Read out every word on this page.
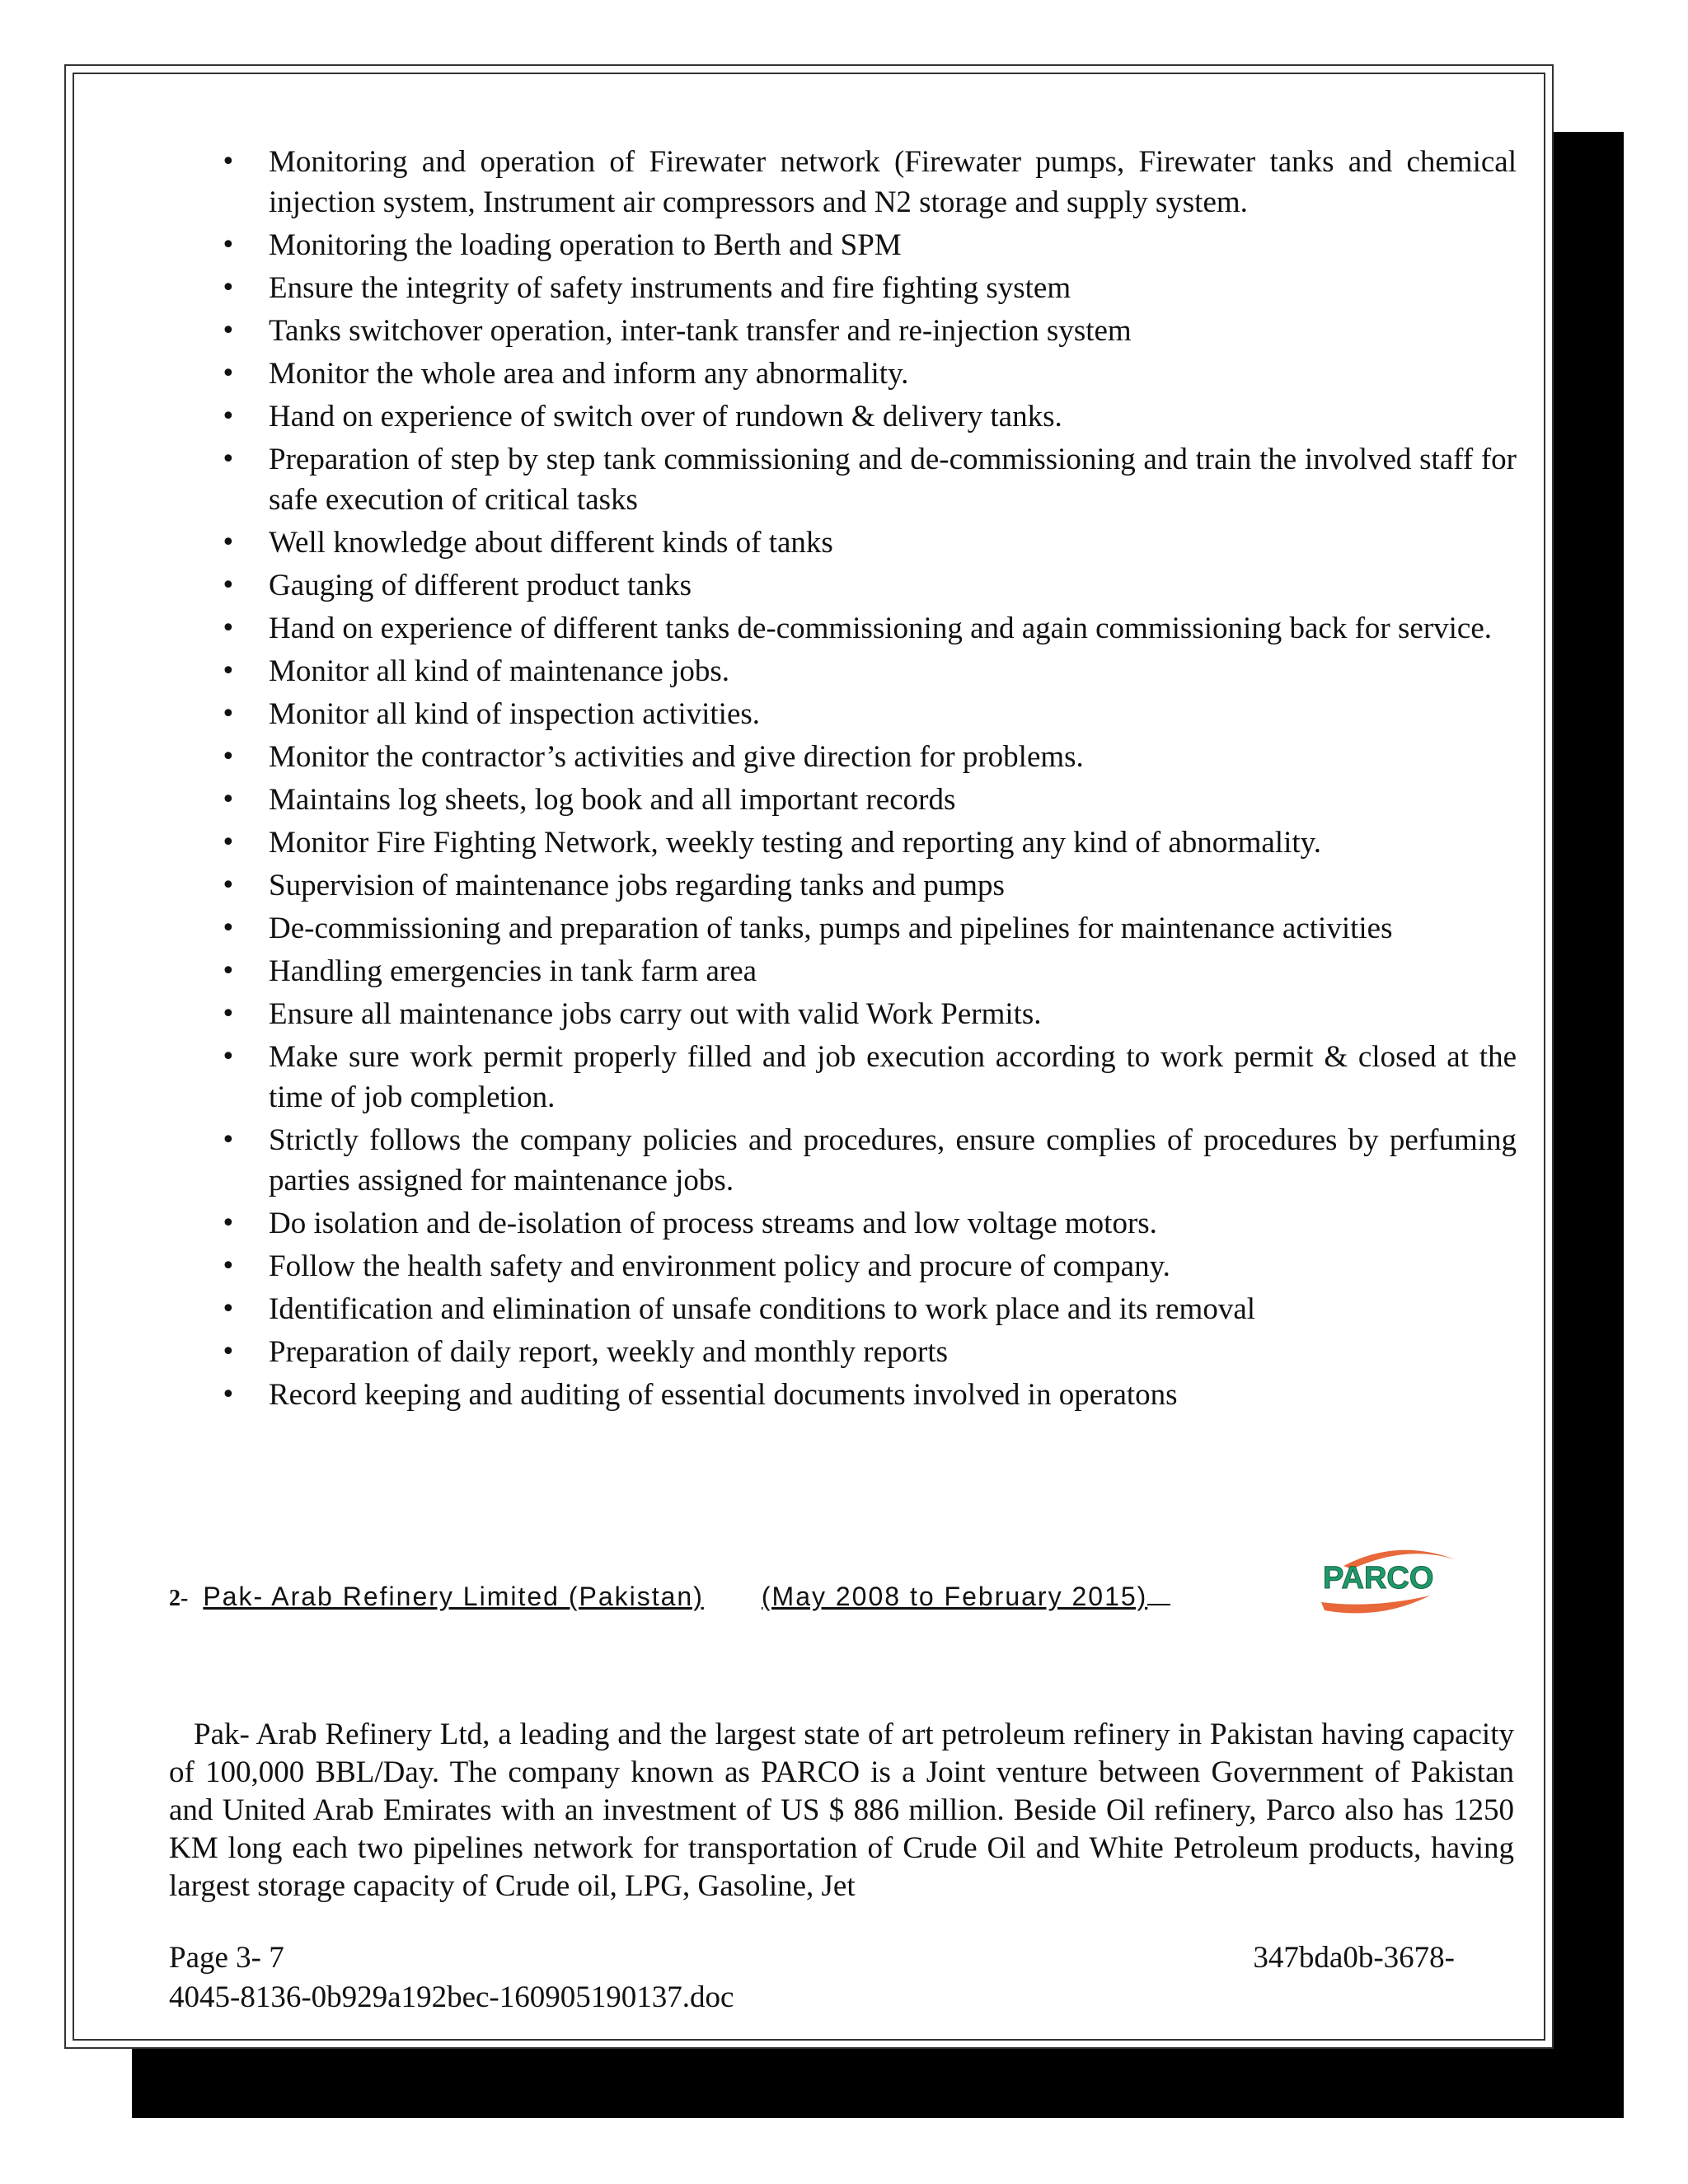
• Monitoring and operation of Firewater network (Firewater pumps, Firewater tanks and chemical injection system, Instrument air compressors and N2 storage and supply system.
• Monitoring the loading operation to Berth and SPM
• Ensure the integrity of safety instruments and fire fighting system
• Tanks switchover operation, inter-tank transfer and re-injection system
• Monitor the whole area and inform any abnormality.
• Hand on experience of switch over of rundown & delivery tanks.
• Preparation of step by step tank commissioning and de-commissioning and train the involved staff for safe execution of critical tasks
• Well knowledge about different kinds of tanks
• Gauging of different product tanks
• Hand on experience of different tanks de-commissioning and again commissioning back for service.
• Monitor all kind of maintenance jobs.
• Monitor all kind of inspection activities.
• Monitor the contractor’s activities and give direction for problems.
• Maintains log sheets, log book and all important records
• Monitor Fire Fighting Network, weekly testing and reporting any kind of abnormality.
• Supervision of maintenance jobs regarding tanks and pumps
• De-commissioning and preparation of tanks, pumps and pipelines for maintenance activities
• Handling emergencies in tank farm area
• Ensure all maintenance jobs carry out with valid Work Permits.
• Make sure work permit properly filled and job execution according to work permit & closed at the time of job completion.
• Strictly follows the company policies and procedures, ensure complies of procedures by perfuming parties assigned for maintenance jobs.
• Do isolation and de-isolation of process streams and low voltage motors.
• Follow the health safety and environment policy and procure of company.
• Identification and elimination of unsafe conditions to work place and its removal
• Preparation of daily report, weekly and monthly reports
• Record keeping and auditing of essential documents involved in operatons
2- Pak- Arab Refinery Limited (Pakistan) (May 2008 to February 2015)
PARCO

Pak- Arab Refinery Ltd, a leading and the largest state of art petroleum refinery in Pakistan having capacity of 100,000 BBL/Day. The company known as PARCO is a Joint venture between Government of Pakistan and United Arab Emirates with an investment of US $ 886 million. Beside Oil refinery, Parco also has 1250 KM long each two pipelines network for transportation of Crude Oil and White Petroleum products, having largest storage capacity of Crude oil, LPG, Gasoline, Jet

Page 3- 7	347bda0b-3678-
4045-8136-0b929a192bec-160905190137.doc
